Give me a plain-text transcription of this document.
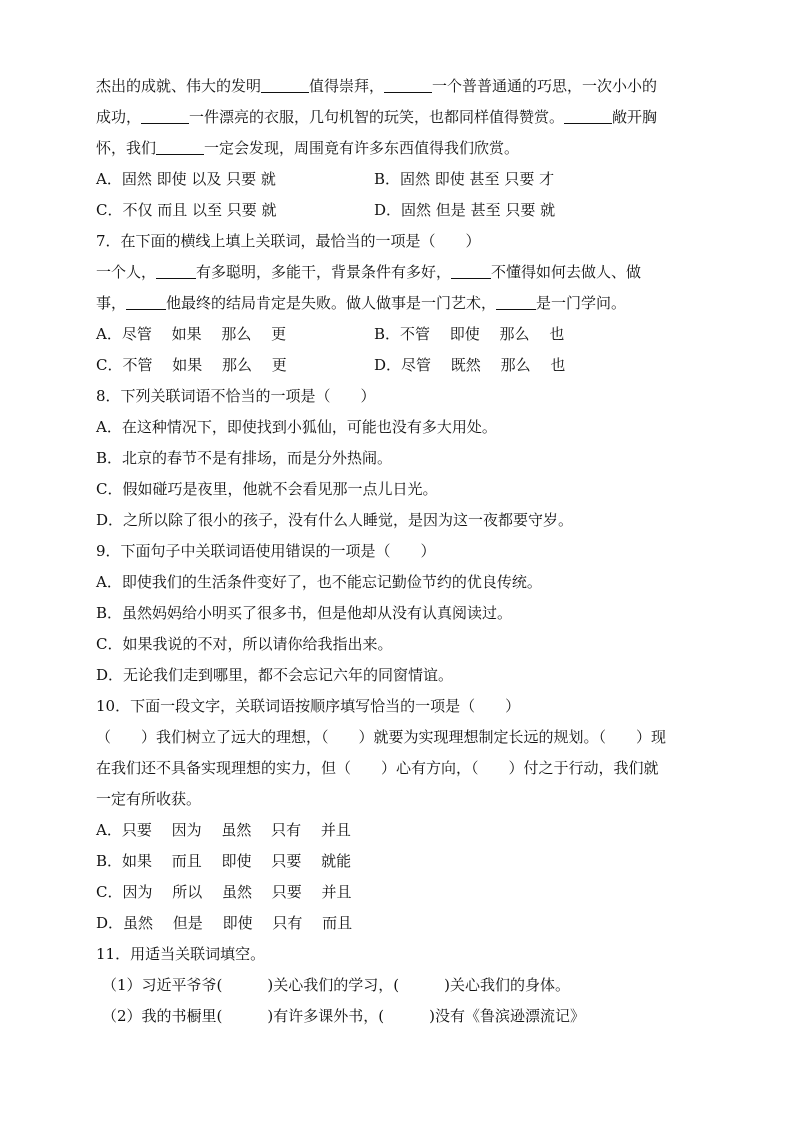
杰出的成就、伟大的发明	值得崇拜，	一个普普通通的巧思，一次小小的
成功，	一件漂亮的衣服，几句机智的玩笑，也都同样值得赞赏。	敞开胸
怀，我们	一定会发现，周围竟有许多东西值得我们欣赏。
A．固然 即使 以及 只要 就	B．固然 即使 甚至 只要 才
C．不仅 而且 以至 只要 就	D．固然 但是 甚至 只要 就
7．在下面的横线上填上关联词，最恰当的一项是（　　）
一个人，	有多聪明，多能干，背景条件有多好，	不懂得如何去做人、做
事，	他最终的结局肯定是失败。做人做事是一门艺术，	是一门学问。
A．尽管　 如果　 那么　 更	B．不管　 即使　 那么　 也
C．不管　 如果　 那么　 更	D．尽管　 既然　 那么　 也
8．下列关联词语不恰当的一项是（　　）
A．在这种情况下，即使找到小狐仙，可能也没有多大用处。
B．北京的春节不是有排场，而是分外热闹。
C．假如碰巧是夜里，他就不会看见那一点儿日光。
D．之所以除了很小的孩子，没有什么人睡觉，是因为这一夜都要守岁。
9．下面句子中关联词语使用错误的一项是（　　）
A．即使我们的生活条件变好了，也不能忘记勤俭节约的优良传统。
B．虽然妈妈给小明买了很多书，但是他却从没有认真阅读过。
C．如果我说的不对，所以请你给我指出来。
D．无论我们走到哪里，都不会忘记六年的同窗情谊。
10．下面一段文字，关联词语按顺序填写恰当的一项是（　　）
（　　）我们树立了远大的理想，（　　）就要为实现理想制定长远的规划。（　　）现
在我们还不具备实现理想的实力，但（　　）心有方向，（　　）付之于行动，我们就
一定有所收获。
A．只要　 因为　 虽然　 只有　 并且
B．如果　 而且　 即使　 只要　 就能
C．因为　 所以　 虽然　 只要　 并且
D．虽然　 但是　 即使　 只有　 而且
11．用适当关联词填空。
（1）习近平爷爷(　　　)关心我们的学习，(　　　)关心我们的身体。
（2）我的书橱里(　　　)有许多课外书，(　　　)没有《鲁滨逊漂流记》
